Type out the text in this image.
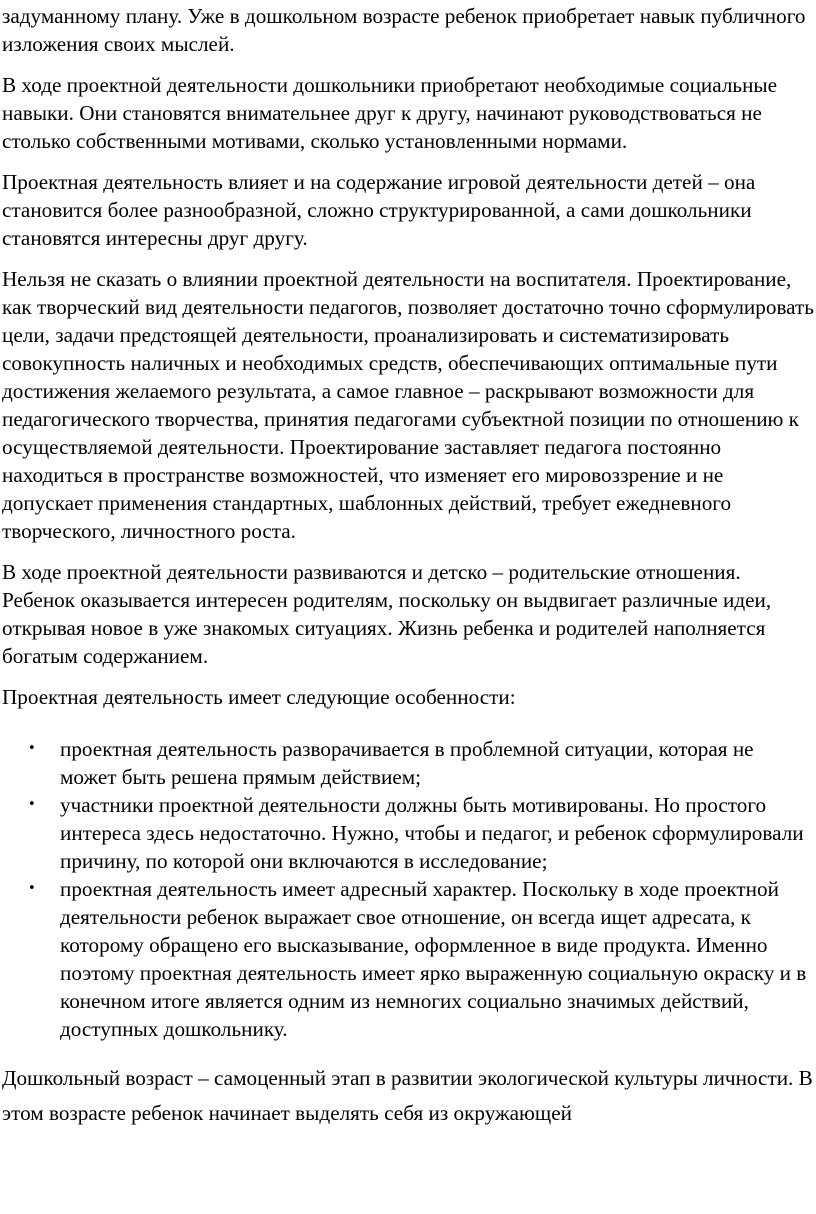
задуманному плану. Уже в дошкольном возрасте ребенок приобретает навык публичного изложения своих мыслей.

В ходе проектной деятельности дошкольники приобретают необходимые социальные навыки. Они становятся внимательнее друг к другу, начинают руководствоваться не столько собственными мотивами, сколько установленными нормами.

Проектная деятельность влияет и на содержание игровой деятельности детей – она становится более разнообразной, сложно структурированной, а сами дошкольники становятся интересны друг другу.

Нельзя не сказать о влиянии проектной деятельности на воспитателя. Проектирование, как творческий вид деятельности педагогов, позволяет достаточно точно сформулировать цели, задачи предстоящей деятельности, проанализировать и систематизировать совокупность наличных и необходимых средств, обеспечивающих оптимальные пути достижения желаемого результата, а самое главное – раскрывают возможности для педагогического творчества, принятия педагогами субъектной позиции по отношению к осуществляемой деятельности. Проектирование заставляет педагога постоянно находиться в пространстве возможностей, что изменяет его мировоззрение и не допускает применения стандартных, шаблонных действий, требует ежедневного творческого, личностного роста.

В ходе проектной деятельности развиваются и детско – родительские отношения. Ребенок оказывается интересен родителям, поскольку он выдвигает различные идеи, открывая новое в уже знакомых ситуациях. Жизнь ребенка и родителей наполняется богатым содержанием.

Проектная деятельность имеет следующие особенности:

• проектная деятельность разворачивается в проблемной ситуации, которая не может быть решена прямым действием;
• участники проектной деятельности должны быть мотивированы. Но простого интереса здесь недостаточно. Нужно, чтобы и педагог, и ребенок сформулировали причину, по которой они включаются в исследование;
• проектная деятельность имеет адресный характер. Поскольку в ходе проектной деятельности ребенок выражает свое отношение, он всегда ищет адресата, к которому обращено его высказывание, оформленное в виде продукта. Именно поэтому проектная деятельность имеет ярко выраженную социальную окраску и в конечном итоге является одним из немногих социально значимых действий, доступных дошкольнику.

Дошкольный возраст – самоценный этап в развитии экологической культуры личности. В этом возрасте ребенок начинает выделять себя из окружающей
